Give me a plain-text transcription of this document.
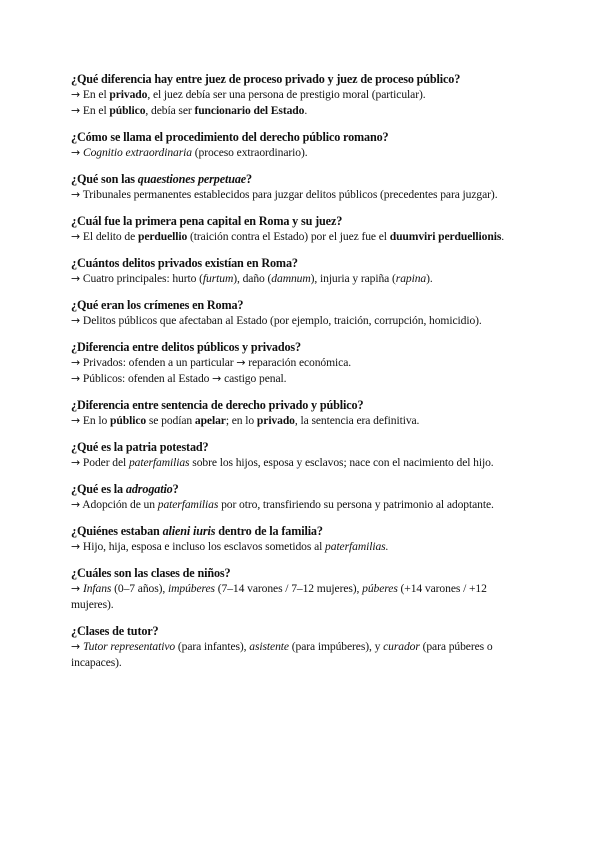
¿Qué diferencia hay entre juez de proceso privado y juez de proceso público?

→ En el privado, el juez debía ser una persona de prestigio moral (particular).

→ En el público, debía ser funcionario del Estado.

¿Cómo se llama el procedimiento del derecho público romano?

→ Cognitio extraordinaria (proceso extraordinario).

¿Qué son las quaestiones perpetuae?

→ Tribunales permanentes establecidos para juzgar delitos públicos (precedentes para juzgar).

¿Cuál fue la primera pena capital en Roma y su juez?

→ El delito de perduellio (traición contra el Estado) por el juez fue el duumviri perduellionis.

¿Cuántos delitos privados existían en Roma?

→ Cuatro principales: hurto (furtum), daño (damnum), injuria y rapiña (rapina).

¿Qué eran los crímenes en Roma?

→ Delitos públicos que afectaban al Estado (por ejemplo, traición, corrupción, homicidio).

¿Diferencia entre delitos públicos y privados?

→ Privados: ofenden a un particular → reparación económica.

→ Públicos: ofenden al Estado → castigo penal.

¿Diferencia entre sentencia de derecho privado y público?

→ En lo público se podían apelar; en lo privado, la sentencia era definitiva.

¿Qué es la patria potestad?

→ Poder del paterfamilias sobre los hijos, esposa y esclavos; nace con el nacimiento del hijo.

¿Qué es la adrogatio?

→ Adopción de un paterfamilias por otro, transfiriendo su persona y patrimonio al adoptante.

¿Quiénes estaban alieni iuris dentro de la familia?

→ Hijo, hija, esposa e incluso los esclavos sometidos al paterfamilias.

¿Cuáles son las clases de niños?

→ Infans (0–7 años), impúberes (7–14 varones / 7–12 mujeres), púberes (+14 varones / +12 mujeres).

¿Clases de tutor?

→ Tutor representativo (para infantes), asistente (para impúberes), y curador (para púberes o incapaces).
